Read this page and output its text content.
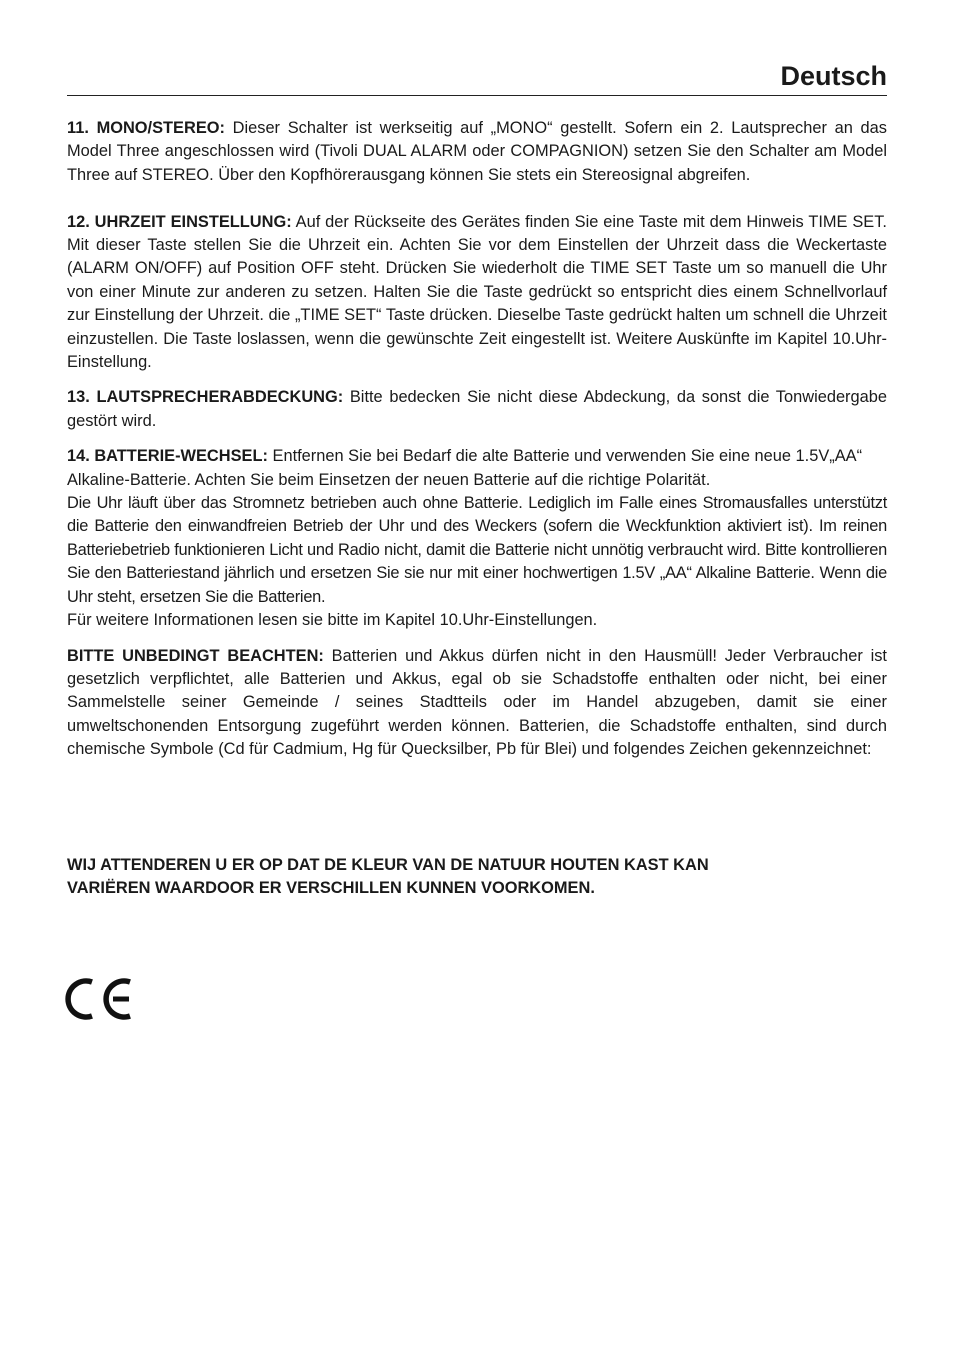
Deutsch

11. MONO/STEREO: Dieser Schalter ist werkseitig auf „MONO“ gestellt. Sofern ein 2. Lautsprecher an das Model Three angeschlossen wird (Tivoli DUAL ALARM oder COMPAGNION) setzen Sie den Schalter am Model Three auf STEREO. Über den Kopfhörerausgang können Sie stets ein Stereosignal abgreifen.

12. UHRZEIT EINSTELLUNG: Auf der Rückseite des Gerätes finden Sie eine Taste mit dem Hinweis TIME SET. Mit dieser Taste stellen Sie die Uhrzeit ein. Achten Sie vor dem Einstellen der Uhrzeit dass die Weckertaste (ALARM ON/OFF) auf Position OFF steht. Drücken Sie wiederholt die TIME SET Taste um so manuell die Uhr von einer Minute zur anderen zu setzen. Halten Sie die Taste gedrückt so entspricht dies einem Schnellvorlauf zur Einstellung der Uhrzeit. die „TIME SET“ Taste drücken. Dieselbe Taste gedrückt halten um schnell die Uhrzeit einzustellen. Die Taste loslassen, wenn die gewünschte Zeit eingestellt ist. Weitere Auskünfte im Kapitel 10.Uhr-Einstellung.

13. LAUTSPRECHERABDECKUNG: Bitte bedecken Sie nicht diese Abdeckung, da sonst die Tonwiedergabe gestört wird.

14. BATTERIE-WECHSEL: Entfernen Sie bei Bedarf die alte Batterie und verwenden Sie eine neue 1.5V„AA“ Alkaline-Batterie. Achten Sie beim Einsetzen der neuen Batterie auf die richtige Polarität.

Die Uhr läuft über das Stromnetz betrieben auch ohne Batterie. Lediglich im Falle eines Stromausfalles unterstützt die Batterie den einwandfreien Betrieb der Uhr und des Weckers (sofern die Weckfunktion aktiviert ist). Im reinen Batteriebetrieb funktionieren Licht und Radio nicht, damit die Batterie nicht unnötig verbraucht wird. Bitte kontrollieren Sie den Batteriestand jährlich und ersetzen Sie sie nur mit einer hochwertigen 1.5V „AA“ Alkaline Batterie. Wenn die Uhr steht, ersetzen Sie die Batterien.

Für weitere Informationen lesen sie bitte im Kapitel 10.Uhr-Einstellungen.

BITTE UNBEDINGT BEACHTEN: Batterien und Akkus dürfen nicht in den Hausmüll! Jeder Verbraucher ist gesetzlich verpflichtet, alle Batterien und Akkus, egal ob sie Schadstoffe enthalten oder nicht, bei einer Sammelstelle seiner Gemeinde / seines Stadtteils oder im Handel abzugeben, damit sie einer umweltschonenden Entsorgung zugeführt werden können. Batterien, die Schadstoffe enthalten, sind durch chemische Symbole (Cd für Cadmium, Hg für Quecksilber, Pb für Blei) und folgendes Zeichen gekennzeichnet:

WIJ ATTENDEREN U ER OP DAT DE KLEUR VAN DE NATUUR HOUTEN KAST KAN
VARIËREN WAARDOOR ER VERSCHILLEN KUNNEN VOORKOMEN.
